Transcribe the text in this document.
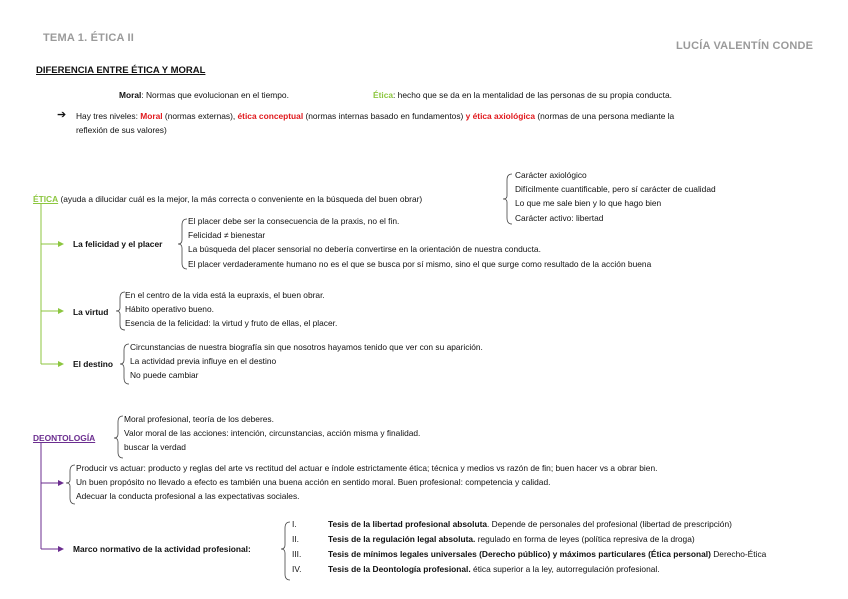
TEMA 1. ÉTICA II
LUCÍA VALENTÍN CONDE
DIFERENCIA ENTRE ÉTICA Y MORAL
Moral: Normas que evolucionan en el tiempo.	Ética: hecho que se da en la mentalidad de las personas de su propia conducta.
➔ Hay tres niveles: Moral (normas externas), ética conceptual (normas internas basado en fundamentos) y ética axiológica (normas de una persona mediante la
reflexión de sus valores)
ÉTICA (ayuda a dilucidar cuál es la mejor, la más correcta o conveniente en la búsqueda del buen obrar)
Carácter axiológico
Difícilmente cuantificable, pero sí carácter de cualidad
Lo que me sale bien y lo que hago bien
Carácter activo: libertad
La felicidad y el placer
El placer debe ser la consecuencia de la praxis, no el fin.
Felicidad ≠ bienestar
La búsqueda del placer sensorial no debería convertirse en la orientación de nuestra conducta.
El placer verdaderamente humano no es el que se busca por sí mismo, sino el que surge como resultado de la acción buena
La virtud
En el centro de la vida está la eupraxis, el buen obrar.
Hábito operativo bueno.
Esencia de la felicidad: la virtud y fruto de ellas, el placer.
El destino
Circunstancias de nuestra biografía sin que nosotros hayamos tenido que ver con su aparición.
La actividad previa influye en el destino
No puede cambiar
DEONTOLOGÍA
Moral profesional, teoría de los deberes.
Valor moral de las acciones: intención, circunstancias, acción misma y finalidad.
buscar la verdad
Producir vs actuar: producto y reglas del arte vs rectitud del actuar e índole estrictamente ética; técnica y medios vs razón de fin; buen hacer vs a obrar bien.
Un buen propósito no llevado a efecto es también una buena acción en sentido moral. Buen profesional: competencia y calidad.
Adecuar la conducta profesional a las expectativas sociales.
Marco normativo de la actividad profesional:
I.	Tesis de la libertad profesional absoluta. Depende de personales del profesional (libertad de prescripción)
II.	Tesis de la regulación legal absoluta. regulado en forma de leyes (política represiva de la droga)
III.	Tesis de mínimos legales universales (Derecho público) y máximos particulares (Ética personal) Derecho-Ética
IV.	Tesis de la Deontología profesional. ética superior a la ley, autorregulación profesional.
